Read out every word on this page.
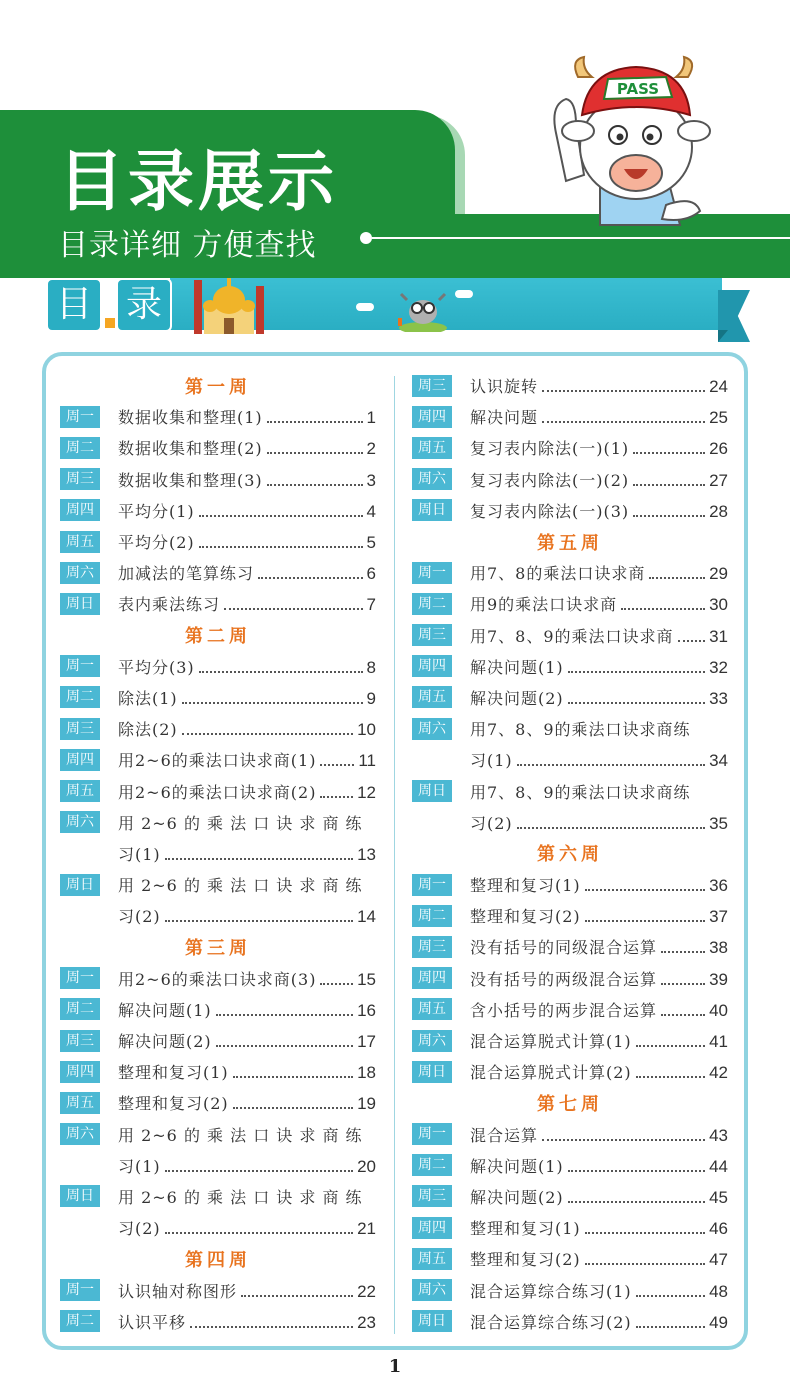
目录展示
目录详细 方便查找
PASS
目 录
第一周
周一	数据收集和整理(1)	1
周二	数据收集和整理(2)	2
周三	数据收集和整理(3)	3
周四	平均分(1)	4
周五	平均分(2)	5
周六	加减法的笔算练习	6
周日	表内乘法练习	7
第二周
周一	平均分(3)	8
周二	除法(1)	9
周三	除法(2)	10
周四	用2~6的乘法口诀求商(1) 11
周五	用2~6的乘法口诀求商(2) 12
周六	用 2~6 的 乘 法 口 诀 求 商 练
习(1)	13
周日	用 2~6 的 乘 法 口 诀 求 商 练
习(2)	14
第三周
周一	用2~6的乘法口诀求商(3) 15
周二	解决问题(1)	16
周三	解决问题(2)	17
周四	整理和复习(1)	18
周五	整理和复习(2)	19
周六	用 2~6 的 乘 法 口 诀 求 商 练
习(1)	20
周日	用 2~6 的 乘 法 口 诀 求 商 练
习(2)	21
第四周
周一	认识轴对称图形	22
周二	认识平移	23
周三	认识旋转	24
周四	解决问题	25
周五	复习表内除法(一)(1)	26
周六	复习表内除法(一)(2)	27
周日	复习表内除法(一)(3)	28
第五周
周一	用7、8的乘法口诀求商	29
周二	用9的乘法口诀求商	30
周三	用7、8、9的乘法口诀求商 31
周四	解决问题(1)	32
周五	解决问题(2)	33
周六	用7、8、9的乘法口诀求商练
习(1)	34
周日	用7、8、9的乘法口诀求商练
习(2)	35
第六周
周一	整理和复习(1)	36
周二	整理和复习(2)	37
周三	没有括号的同级混合运算	38
周四	没有括号的两级混合运算	39
周五	含小括号的两步混合运算	40
周六	混合运算脱式计算(1)	41
周日	混合运算脱式计算(2)	42
第七周
周一	混合运算	43
周二	解决问题(1)	44
周三	解决问题(2)	45
周四	整理和复习(1)	46
周五	整理和复习(2)	47
周六	混合运算综合练习(1)	48
周日	混合运算综合练习(2)	49
1
